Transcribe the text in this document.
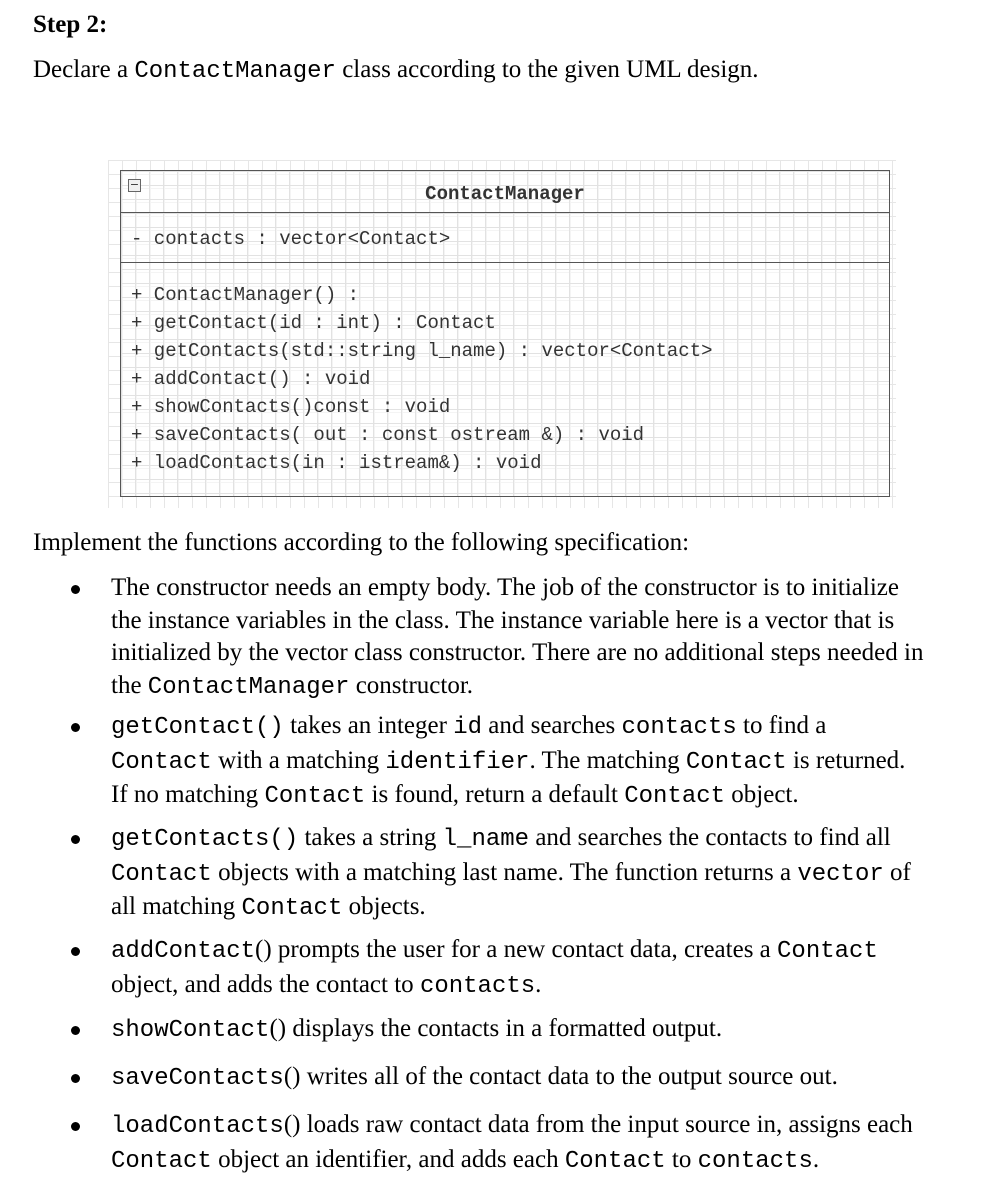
Step 2:
Declare a ContactManager class according to the given UML design.
−	ContactManager
- contacts : vector<Contact>
+ ContactManager() :
+ getContact(id : int) : Contact
+ getContacts(std::string l_name) : vector<Contact>
+ addContact() : void
+ showContacts()const : void
+ saveContacts( out : const ostream &) : void
+ loadContacts(in : istream&) : void
Implement the functions according to the following specification:
The constructor needs an empty body. The job of the constructor is to initialize
the instance variables in the class. The instance variable here is a vector that is
initialized by the vector class constructor. There are no additional steps needed in
the ContactManager constructor.
getContact() takes an integer id and searches contacts to find a
Contact with a matching identifier. The matching Contact is returned.
If no matching Contact is found, return a default Contact object.
getContacts() takes a string l_name and searches the contacts to find all
Contact objects with a matching last name. The function returns a vector of
all matching Contact objects.
addContact() prompts the user for a new contact data, creates a Contact
object, and adds the contact to contacts.
showContact() displays the contacts in a formatted output.
saveContacts() writes all of the contact data to the output source out.
loadContacts() loads raw contact data from the input source in, assigns each
Contact object an identifier, and adds each Contact to contacts.
